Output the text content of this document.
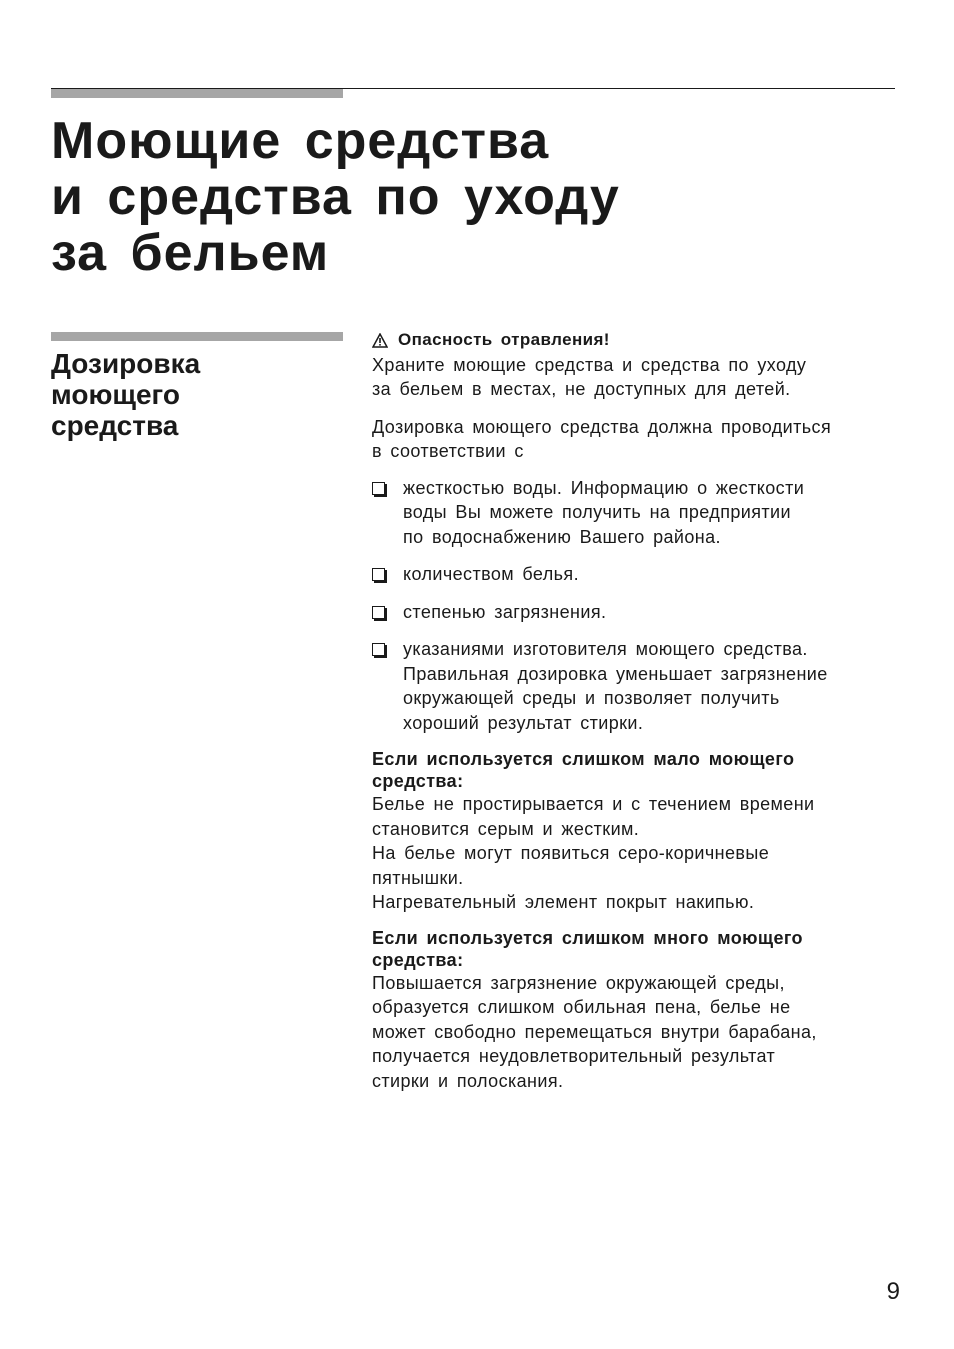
Моющие средства
и средства по уходу
за бельем
Дозировка
моющего
средства

Опасность отравления!

Храните моющие средства и средства по уходу
за бельем в местах, не доступных для детей.

Дозировка моющего средства должна проводиться
в соответствии с

жесткостью воды. Информацию о жесткости
воды Вы можете получить на предприятии
по водоснабжению Вашего района.
количеством белья.
степенью загрязнения.
указаниями изготовителя моющего средства.
Правильная дозировка уменьшает загрязнение
окружающей среды и позволяет получить
хороший результат стирки.

Если используется слишком мало моющего
средства:

Белье не простирывается и с течением времени
становится серым и жестким.
На белье могут появиться серо-коричневые
пятнышки.
Нагревательный элемент покрыт накипью.

Если используется слишком много моющего
средства:

Повышается загрязнение окружающей среды,
образуется слишком обильная пена, белье не
может свободно перемещаться внутри барабана,
получается неудовлетворительный результат
стирки и полоскания.

9
